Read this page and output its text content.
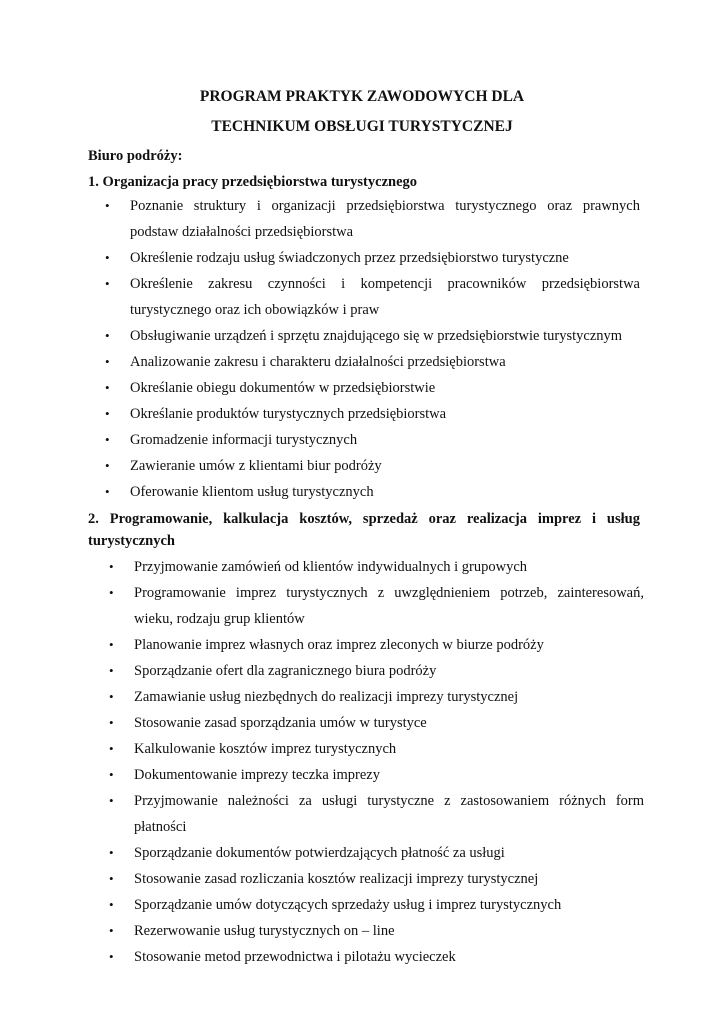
PROGRAM PRAKTYK ZAWODOWYCH DLA
TECHNIKUM OBSŁUGI TURYSTYCZNEJ
Biuro podróży:
1. Organizacja pracy przedsiębiorstwa turystycznego
• Poznanie struktury i organizacji przedsiębiorstwa turystycznego oraz prawnych
podstaw działalności przedsiębiorstwa
• Określenie rodzaju usług świadczonych przez przedsiębiorstwo turystyczne
• Określenie zakresu czynności i kompetencji pracowników przedsiębiorstwa
turystycznego oraz ich obowiązków i praw
• Obsługiwanie urządzeń i sprzętu znajdującego się w przedsiębiorstwie turystycznym
• Analizowanie zakresu i charakteru działalności przedsiębiorstwa
• Określanie obiegu dokumentów w przedsiębiorstwie
• Określanie produktów turystycznych przedsiębiorstwa
• Gromadzenie informacji turystycznych
• Zawieranie umów z klientami biur podróży
• Oferowanie klientom usług turystycznych
2. Programowanie, kalkulacja kosztów, sprzedaż oraz realizacja imprez i usług
turystycznych
• Przyjmowanie zamówień od klientów indywidualnych i grupowych
• Programowanie imprez turystycznych z uwzględnieniem potrzeb, zainteresowań,
wieku, rodzaju grup klientów
• Planowanie imprez własnych oraz imprez zleconych w biurze podróży
• Sporządzanie ofert dla zagranicznego biura podróży
• Zamawianie usług niezbędnych do realizacji imprezy turystycznej
• Stosowanie zasad sporządzania umów w turystyce
• Kalkulowanie kosztów imprez turystycznych
• Dokumentowanie imprezy teczka imprezy
• Przyjmowanie należności za usługi turystyczne z zastosowaniem różnych form
płatności
• Sporządzanie dokumentów potwierdzających płatność za usługi
• Stosowanie zasad rozliczania kosztów realizacji imprezy turystycznej
• Sporządzanie umów dotyczących sprzedaży usług i imprez turystycznych
• Rezerwowanie usług turystycznych on – line
• Stosowanie metod przewodnictwa i pilotażu wycieczek
